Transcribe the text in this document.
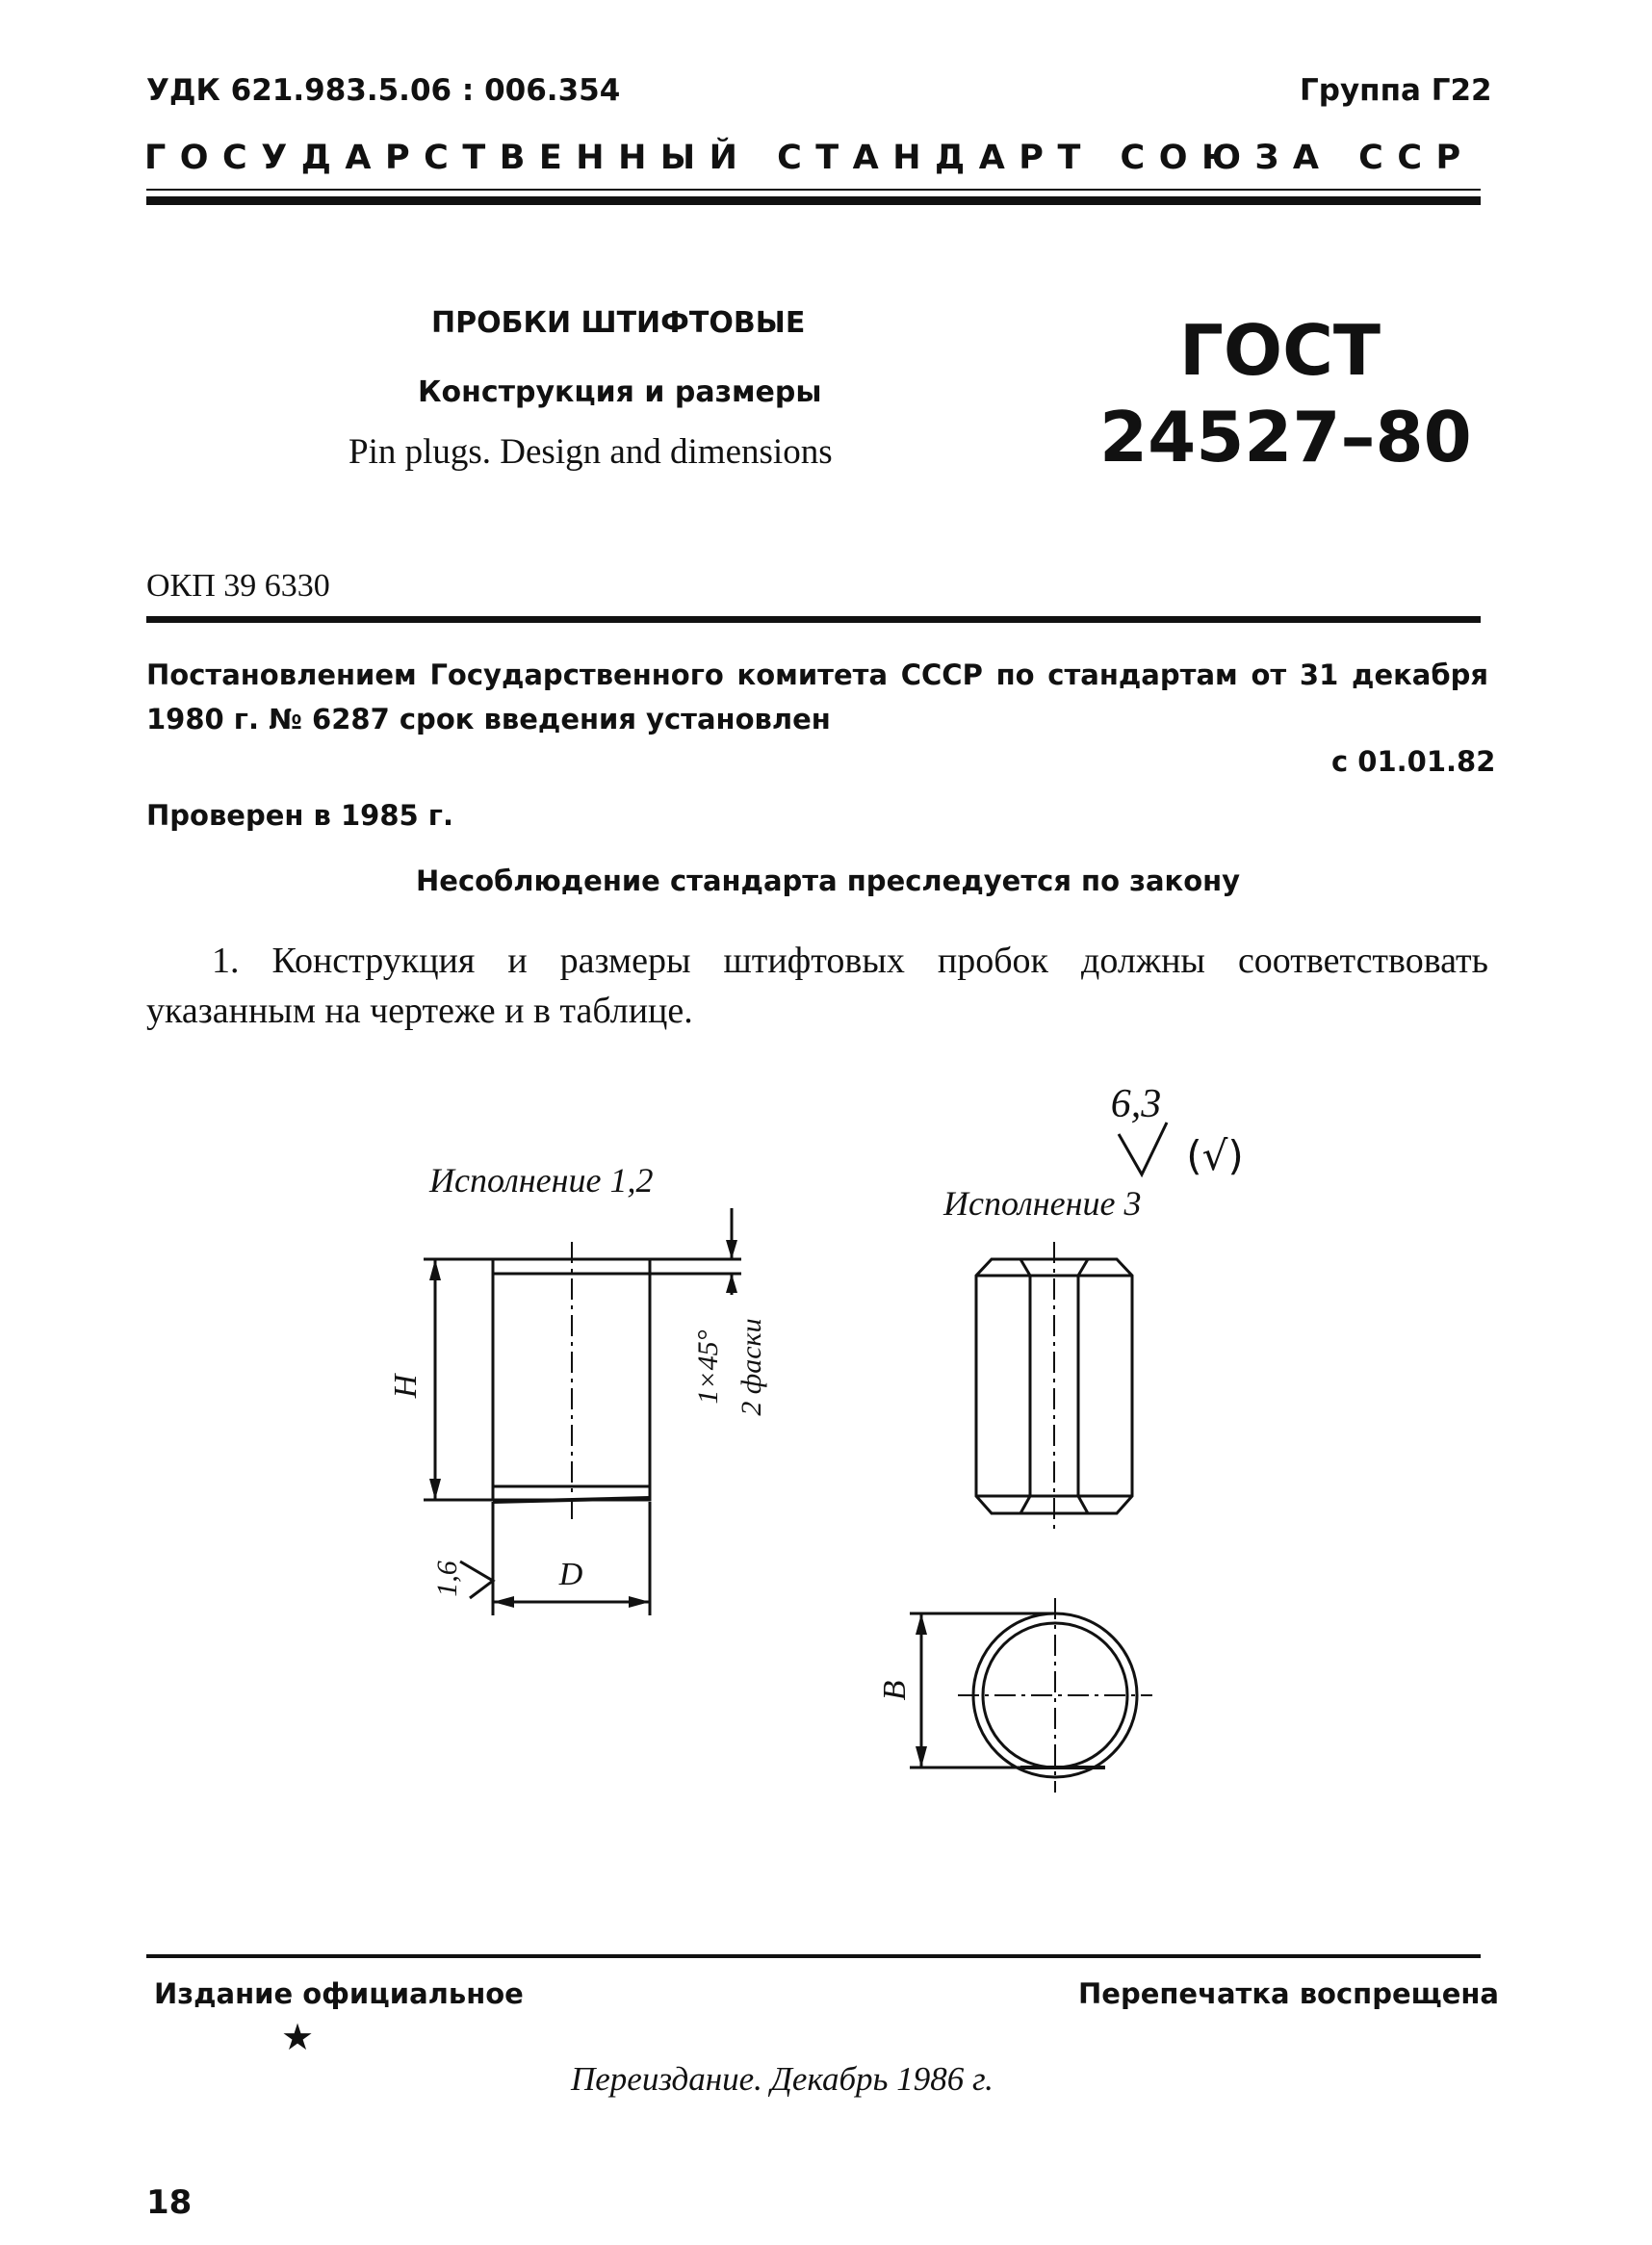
УДК 621.983.5.06 : 006.354	Группа Г22
ГОСУДАРСТВЕННЫЙ СТАНДАРТ СОЮЗА ССР
ПРОБКИ ШТИФТОВЫЕ
Конструкция и размеры
Pin plugs. Design and dimensions
ГОСТ
24527–80
ОКП 39 6330
Постановлением Государственного комитета СССР по стандартам от 31 декабря 1980 г. № 6287 срок введения установлен
с 01.01.82
Проверен в 1985 г.
Несоблюдение стандарта преследуется по закону
1. Конструкция и размеры штифтовых пробок должны соответствовать указанным на чертеже и в таблице.
Исполнение 1,2
H	1×45° 2 фаски
D
1,6
6,3
(√)
Исполнение 3
B
Издание официальное	Перепечатка воспрещена
★
Переиздание. Декабрь 1986 г.
18
